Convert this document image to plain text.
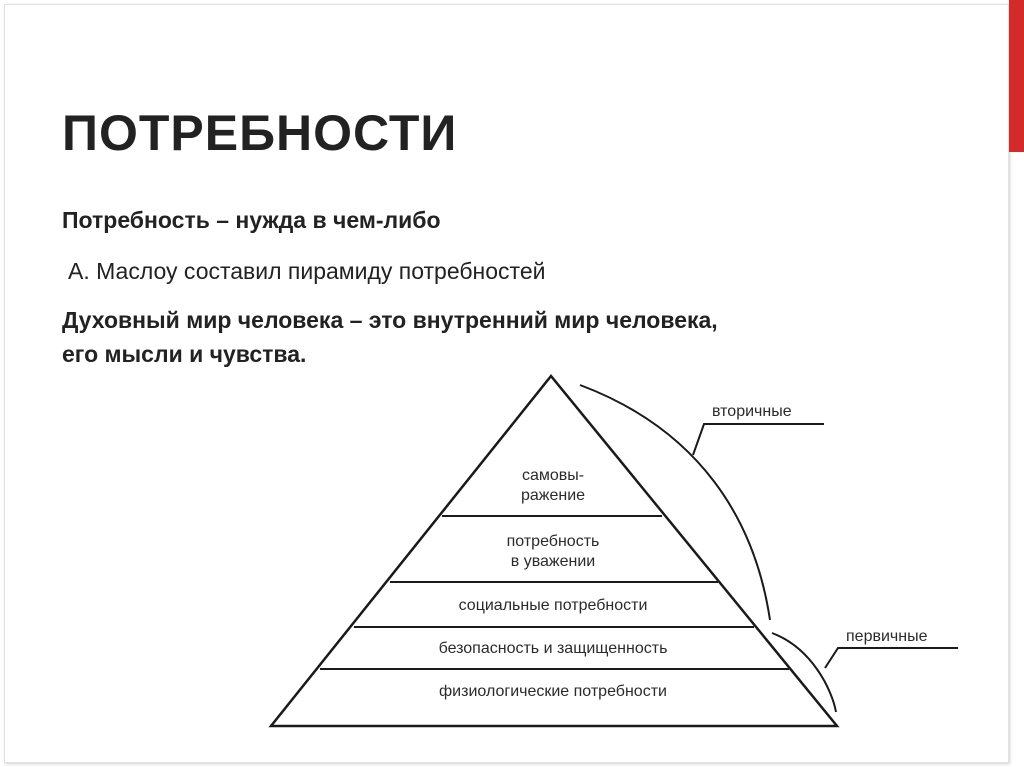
ПОТРЕБНОСТИ
Потребность – нужда в чем-либо
А. Маслоу составил пирамиду потребностей
Духовный мир человека – это внутренний мир человека,
его мысли и чувства.
самовы-
ражение
потребность
в уважении
социальные потребности
безопасность и защищенность
физиологические потребности
вторичные
первичные
